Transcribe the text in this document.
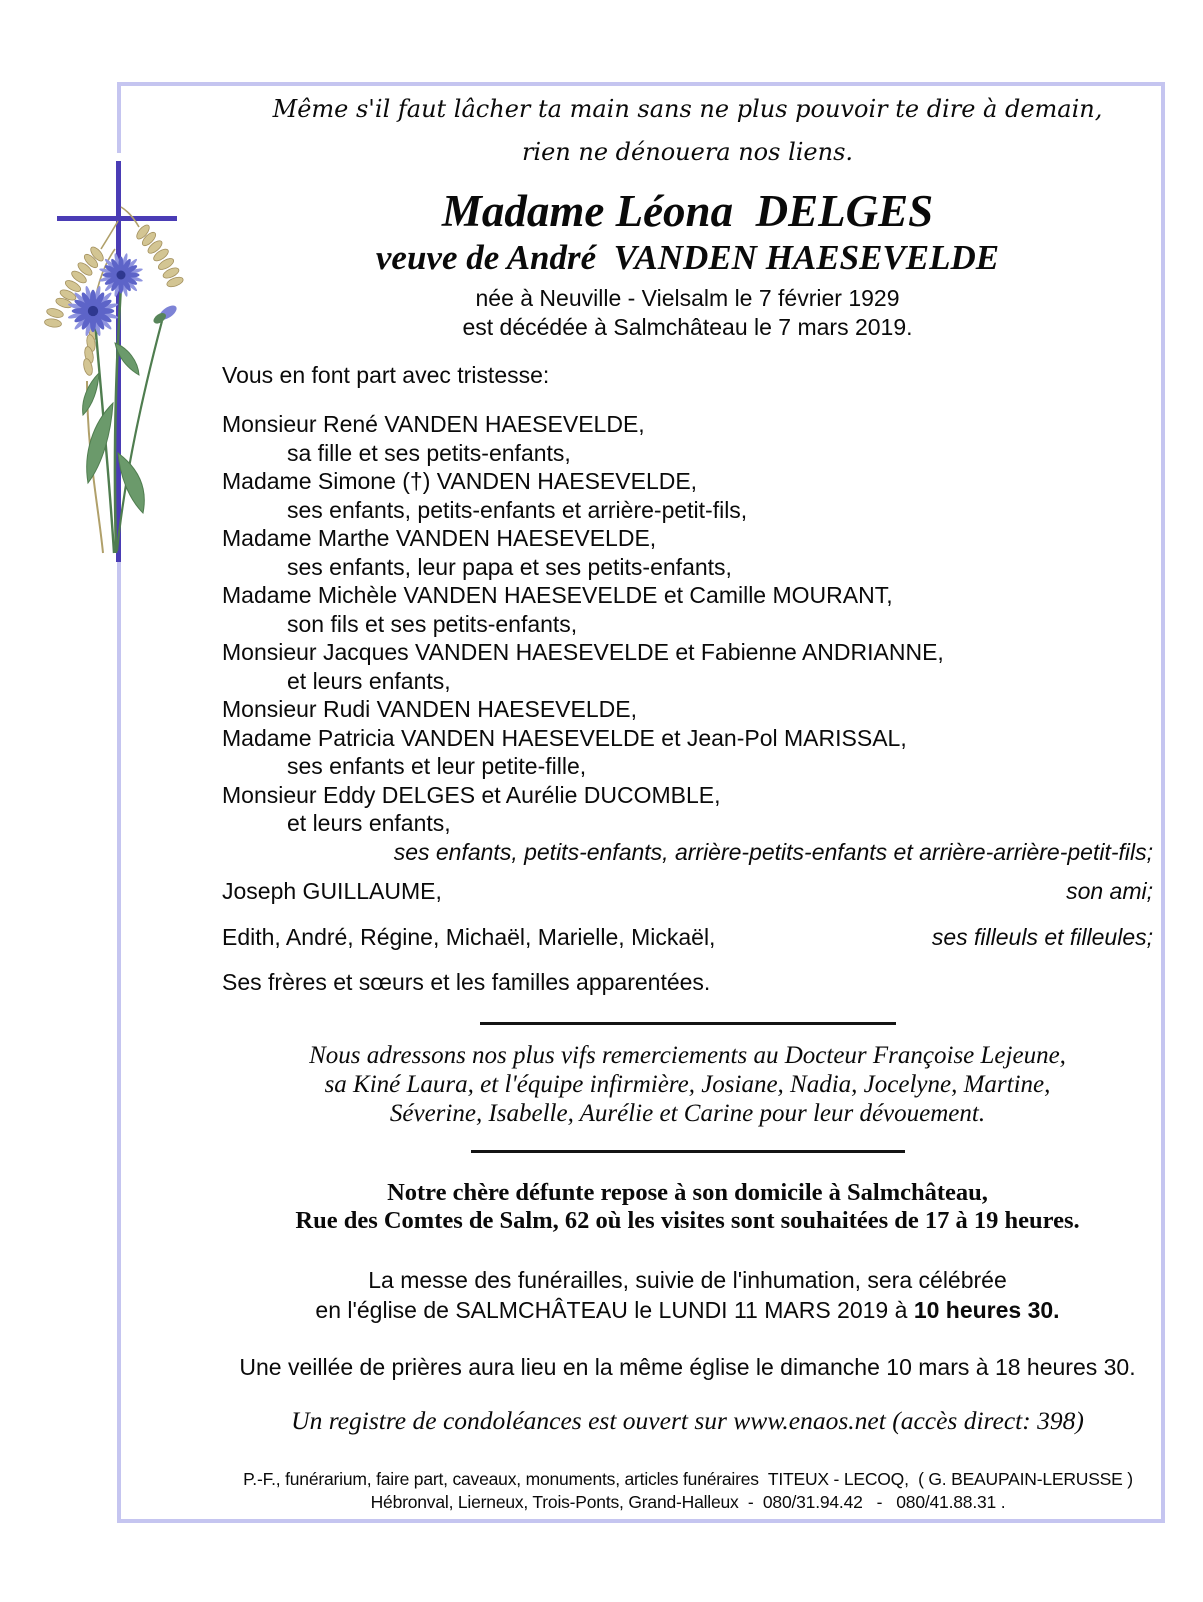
Même s'il faut lâcher ta main sans ne plus pouvoir te dire à demain,
rien ne dénouera nos liens.
Madame Léona  DELGES
veuve de André  VANDEN HAESEVELDE
née à Neuville - Vielsalm le 7 février 1929
est décédée à Salmchâteau le 7 mars 2019.
Vous en font part avec tristesse:
Monsieur René VANDEN HAESEVELDE,
sa fille et ses petits-enfants,
Madame Simone (†) VANDEN HAESEVELDE,
ses enfants, petits-enfants et arrière-petit-fils,
Madame Marthe VANDEN HAESEVELDE,
ses enfants, leur papa et ses petits-enfants,
Madame Michèle VANDEN HAESEVELDE et Camille MOURANT,
son fils et ses petits-enfants,
Monsieur Jacques VANDEN HAESEVELDE et Fabienne ANDRIANNE,
et leurs enfants,
Monsieur Rudi VANDEN HAESEVELDE,
Madame Patricia VANDEN HAESEVELDE et Jean-Pol MARISSAL,
ses enfants et leur petite-fille,
Monsieur Eddy DELGES et Aurélie DUCOMBLE,
et leurs enfants,
ses enfants, petits-enfants, arrière-petits-enfants et arrière-arrière-petit-fils;
Joseph GUILLAUME,	son ami;
Edith, André, Régine, Michaël, Marielle, Mickaël,	ses filleuls et filleules;
Ses frères et sœurs et les familles apparentées.
Nous adressons nos plus vifs remerciements au Docteur Françoise Lejeune,
sa Kiné Laura, et l'équipe infirmière, Josiane, Nadia, Jocelyne, Martine,
Séverine, Isabelle, Aurélie et Carine pour leur dévouement.
Notre chère défunte repose à son domicile à Salmchâteau,
Rue des Comtes de Salm, 62 où les visites sont souhaitées de 17 à 19 heures.
La messe des funérailles, suivie de l'inhumation, sera célébrée
en l'église de SALMCHÂTEAU le LUNDI 11 MARS 2019 à 10 heures 30.
Une veillée de prières aura lieu en la même église le dimanche 10 mars à 18 heures 30.
Un registre de condoléances est ouvert sur www.enaos.net (accès direct: 398)
P.-F., funérarium, faire part, caveaux, monuments, articles funéraires  TITEUX - LECOQ,  ( G. BEAUPAIN-LERUSSE )
Hébronval, Lierneux, Trois-Ponts, Grand-Halleux  -  080/31.94.42   -   080/41.88.31 .
